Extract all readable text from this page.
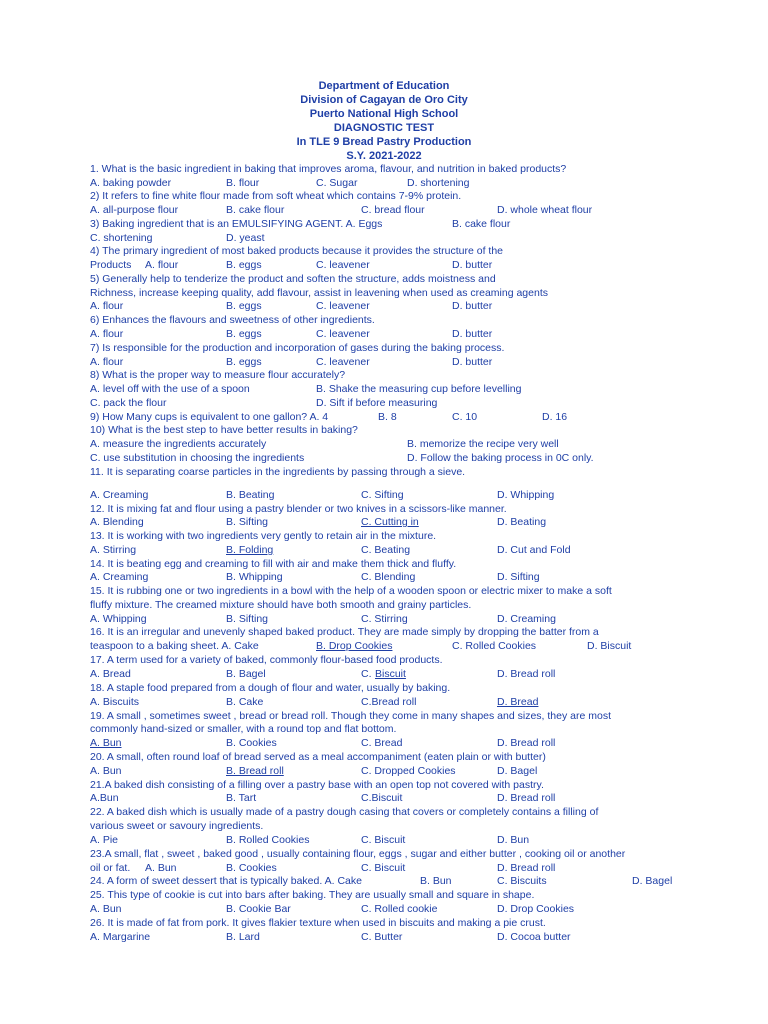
Department of Education
Division of Cagayan de Oro City
Puerto National High School
DIAGNOSTIC TEST
In TLE 9 Bread Pastry Production
S.Y. 2021-2022
1. What is the basic ingredient in baking that improves aroma, flavour, and nutrition in baked products?
A. baking powder	B. flour	C. Sugar	D. shortening
2) It refers to fine white flour made from soft wheat which contains 7-9% protein.
A. all-purpose flour	B. cake flour	C. bread flour	D. whole wheat flour
3) Baking ingredient that is an EMULSIFYING AGENT. A. Eggs	B. cake flour
C. shortening	D. yeast
4) The primary ingredient of most baked products because it provides the structure of the
Products A. flour	B. eggs	C. leavener	D. butter
5) Generally help to tenderize the product and soften the structure, adds moistness and
Richness, increase keeping quality, add flavour, assist in leavening when used as creaming agents
A. flour	B. eggs	C. leavener	D. butter
6) Enhances the flavours and sweetness of other ingredients.
A. flour	B. eggs	C. leavener	D. butter
7) Is responsible for the production and incorporation of gases during the baking process.
A. flour	B. eggs	C. leavener	D. butter
8) What is the proper way to measure flour accurately?
A. level off with the use of a spoon	B. Shake the measuring cup before levelling
C. pack the flour	D. Sift if before measuring
9) How Many cups is equivalent to one gallon? A. 4	B. 8	C. 10	D. 16
10) What is the best step to have better results in baking?
A. measure the ingredients accurately	B. memorize the recipe very well
C. use substitution in choosing the ingredients	D. Follow the baking process in 0C only.
11. It is separating coarse particles in the ingredients by passing through a sieve.
A. Creaming	B. Beating	C. Sifting	D. Whipping
12. It is mixing fat and flour using a pastry blender or two knives in a scissors-like manner.
A. Blending	B. Sifting	C. Cutting in	D. Beating
13. It is working with two ingredients very gently to retain air in the mixture.
A. Stirring	B. Folding	C. Beating	D. Cut and Fold
14. It is beating egg and creaming to fill with air and make them thick and fluffy.
A. Creaming	B. Whipping	C. Blending	D. Sifting
15. It is rubbing one or two ingredients in a bowl with the help of a wooden spoon or electric mixer to make a soft
fluffy mixture. The creamed mixture should have both smooth and grainy particles.
A. Whipping	B. Sifting	C. Stirring	D. Creaming
16. It is an irregular and unevenly shaped baked product. They are made simply by dropping the batter from a
teaspoon to a baking sheet. A. Cake	B. Drop Cookies	C. Rolled Cookies	D. Biscuit
17. A term used for a variety of baked, commonly flour-based food products.
A. Bread	B. Bagel	C. Biscuit	D. Bread roll
18. A staple food prepared from a dough of flour and water, usually by baking.
A. Biscuits	B. Cake	C.Bread roll	D. Bread
19. A small , sometimes sweet , bread or bread roll. Though they come in many shapes and sizes, they are most
commonly hand-sized or smaller, with a round top and flat bottom.
A. Bun	B. Cookies	C. Bread	D. Bread roll
20. A small, often round loaf of bread served as a meal accompaniment (eaten plain or with butter)
A. Bun	B. Bread roll	C. Dropped Cookies	D. Bagel
21.A baked dish consisting of a filling over a pastry base with an open top not covered with pastry.
A.Bun	B. Tart	C.Biscuit	D. Bread roll
22. A baked dish which is usually made of a pastry dough casing that covers or completely contains a filling of
various sweet or savoury ingredients.
A. Pie	B. Rolled Cookies	C. Biscuit	D. Bun
23.A small, flat , sweet , baked good , usually containing flour, eggs , sugar and either butter , cooking oil or another
oil or fat. A. Bun	B. Cookies	C. Biscuit	D. Bread roll
24. A form of sweet dessert that is typically baked. A. Cake	B. Bun	C. Biscuits	D. Bagel
25. This type of cookie is cut into bars after baking. They are usually small and square in shape.
A. Bun	B. Cookie Bar	C. Rolled cookie	D. Drop Cookies
26. It is made of fat from pork. It gives flakier texture when used in biscuits and making a pie crust.
A. Margarine	B. Lard	C. Butter	D. Cocoa butter
